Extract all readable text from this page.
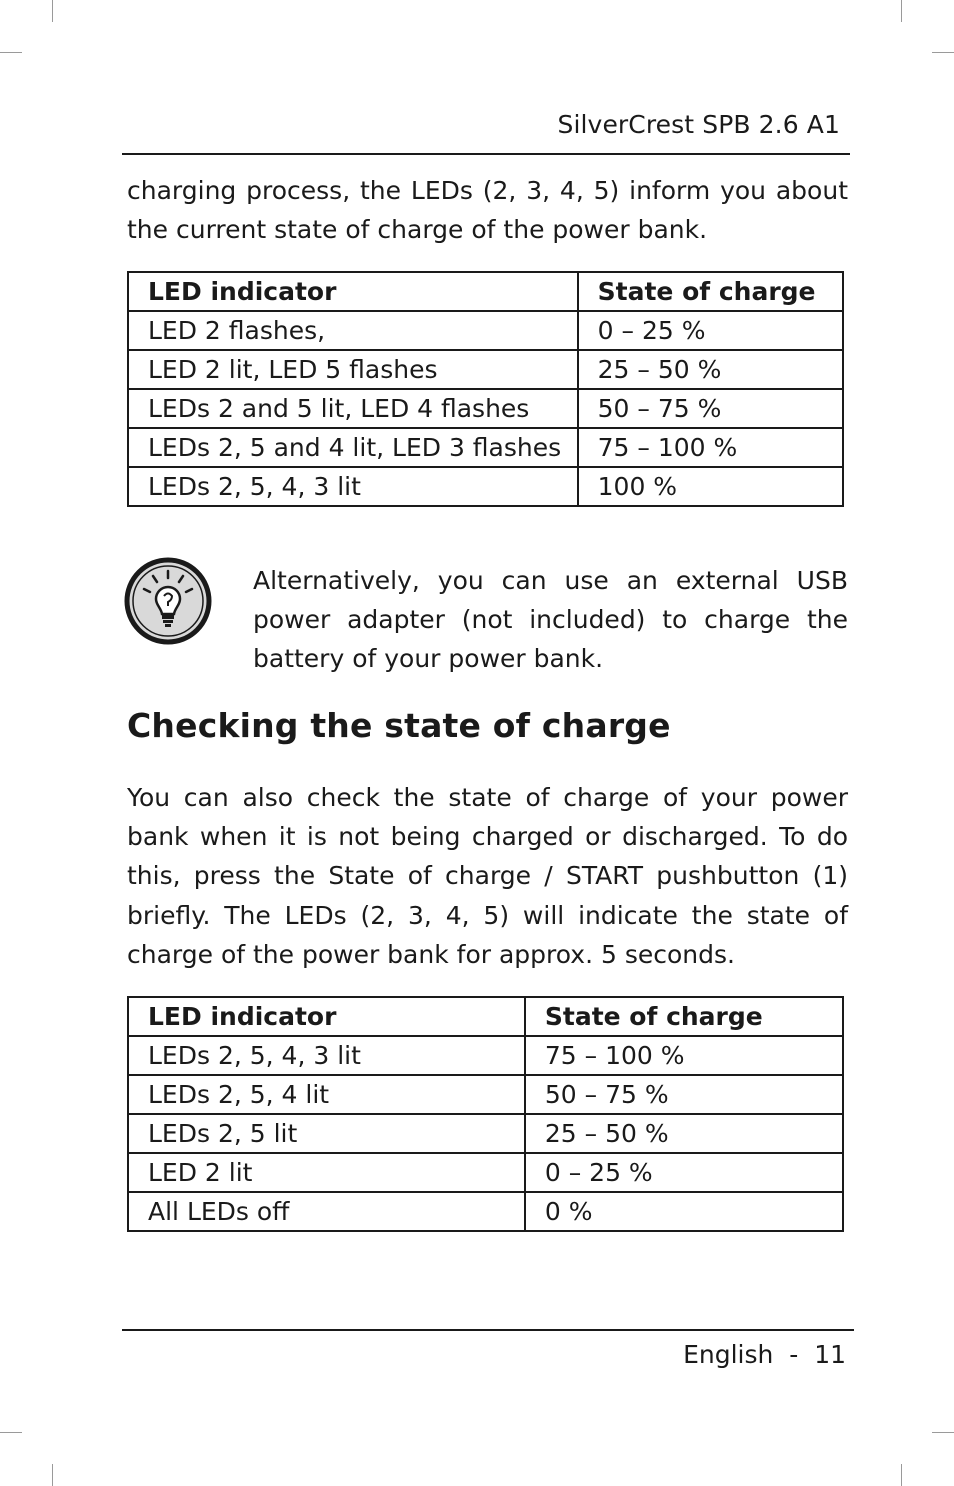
SilverCrest SPB 2.6 A1

charging process, the LEDs (2, 3, 4, 5) inform you about the current state of charge of the power bank.

LED indicator	State of charge
LED 2 flashes,	0 – 25 %
LED 2 lit, LED 5 flashes	25 – 50 %
LEDs 2 and 5 lit, LED 4 flashes	50 – 75 %
LEDs 2, 5 and 4 lit, LED 3 flashes	75 – 100 %
LEDs 2, 5, 4, 3 lit	100 %

Alternatively, you can use an external USB power adapter (not included) to charge the battery of your power bank.

Checking the state of charge

You can also check the state of charge of your power bank when it is not being charged or discharged. To do this, press the State of charge / START pushbutton (1) briefly. The LEDs (2, 3, 4, 5) will indicate the state of charge of the power bank for approx. 5 seconds.

LED indicator	State of charge
LEDs 2, 5, 4, 3 lit	75 – 100 %
LEDs 2, 5, 4 lit	50 – 75 %
LEDs 2, 5 lit	25 – 50 %
LED 2 lit	0 – 25 %
All LEDs off	0 %
English - 11
